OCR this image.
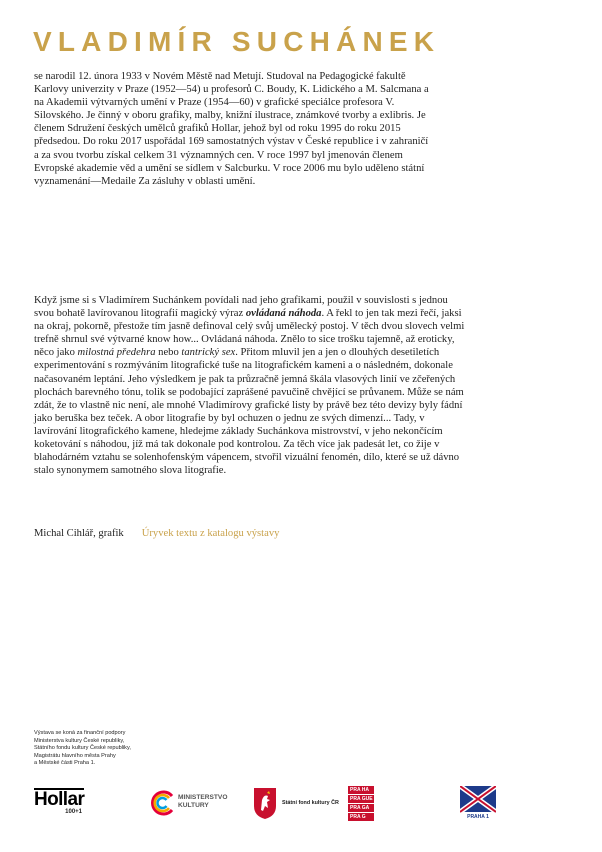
VLADIMÍR SUCHÁNEK

se narodil 12. února 1933 v Novém Městě nad Metují. Studoval na Pedagogické fakultě Karlovy univerzity v Praze (1952—54) u profesorů C. Boudy, K. Lidického a M. Salcmana a na Akademii výtvarných umění v Praze (1954—60) v grafické speciálce profesora V. Silovského. Je činný v oboru grafiky, malby, knižní ilustrace, známkové tvorby a exlibris. Je členem Sdružení českých umělců grafiků Hollar, jehož byl od roku 1995 do roku 2015 předsedou. Do roku 2017 uspořádal 169 samostatných výstav v České republice i v zahraničí a za svou tvorbu získal celkem 31 významných cen. V roce 1997 byl jmenován členem Evropské akademie věd a umění se sídlem v Salcburku. V roce 2006 mu bylo uděleno státní vyznamenání—Medaile Za zásluhy v oblasti umění.

Když jsme si s Vladimírem Suchánkem povídali nad jeho grafikami, použil v souvislosti s jednou svou bohatě lavírovanou litografií magický výraz ovládaná náhoda. A řekl to jen tak mezi řečí, jaksi na okraj, pokorně, přestože tím jasně definoval celý svůj umělecký postoj. V těch dvou slovech velmi trefně shrnul své výtvarné know how... Ovládaná náhoda. Znělo to sice trošku tajemně, až eroticky, něco jako milostná předehra nebo tantrický sex. Přitom mluvil jen a jen o dlouhých desetiletích experimentování s rozmýváním litografické tuše na litografickém kameni a o následném, dokonale načasovaném leptání. Jeho výsledkem je pak ta průzračně jemná škála vlasových linií ve zčeřených plochách barevného tónu, tolik se podobající zaprášené pavučině chvějící se průvanem. Může se nám zdát, že to vlastně nic není, ale mnohé Vladimírovy grafické listy by právě bez této devizy byly fádní jako beruška bez teček. A obor litografie by byl ochuzen o jednu ze svých dimenzí... Tady, v lavírování litografického kamene, hledejme základy Suchánkova mistrovství, v jeho nekončícím koketování s náhodou, jíž má tak dokonale pod kontrolou. Za těch více jak padesát let, co žije v blahodárném vztahu se solenhofenským vápencem, stvořil vizuální fenomén, dílo, které se už dávno stalo synonymem samotného slova litografie.

Michal Cihlář, grafik Úryvek textu z katalogu výstavy
Výstava se koná za finanční podpory
Ministerstva kultury České republiky,
Státního fondu kultury České republiky,
Magistrátu hlavního města Prahy
a Městské části Praha 1.
Hollar
100+1
MINISTERSTVO
KULTURY	Státní fond kultury ČR
PRA HA
PRA GUE
PRA GA
PRA G	PRAHA 1
